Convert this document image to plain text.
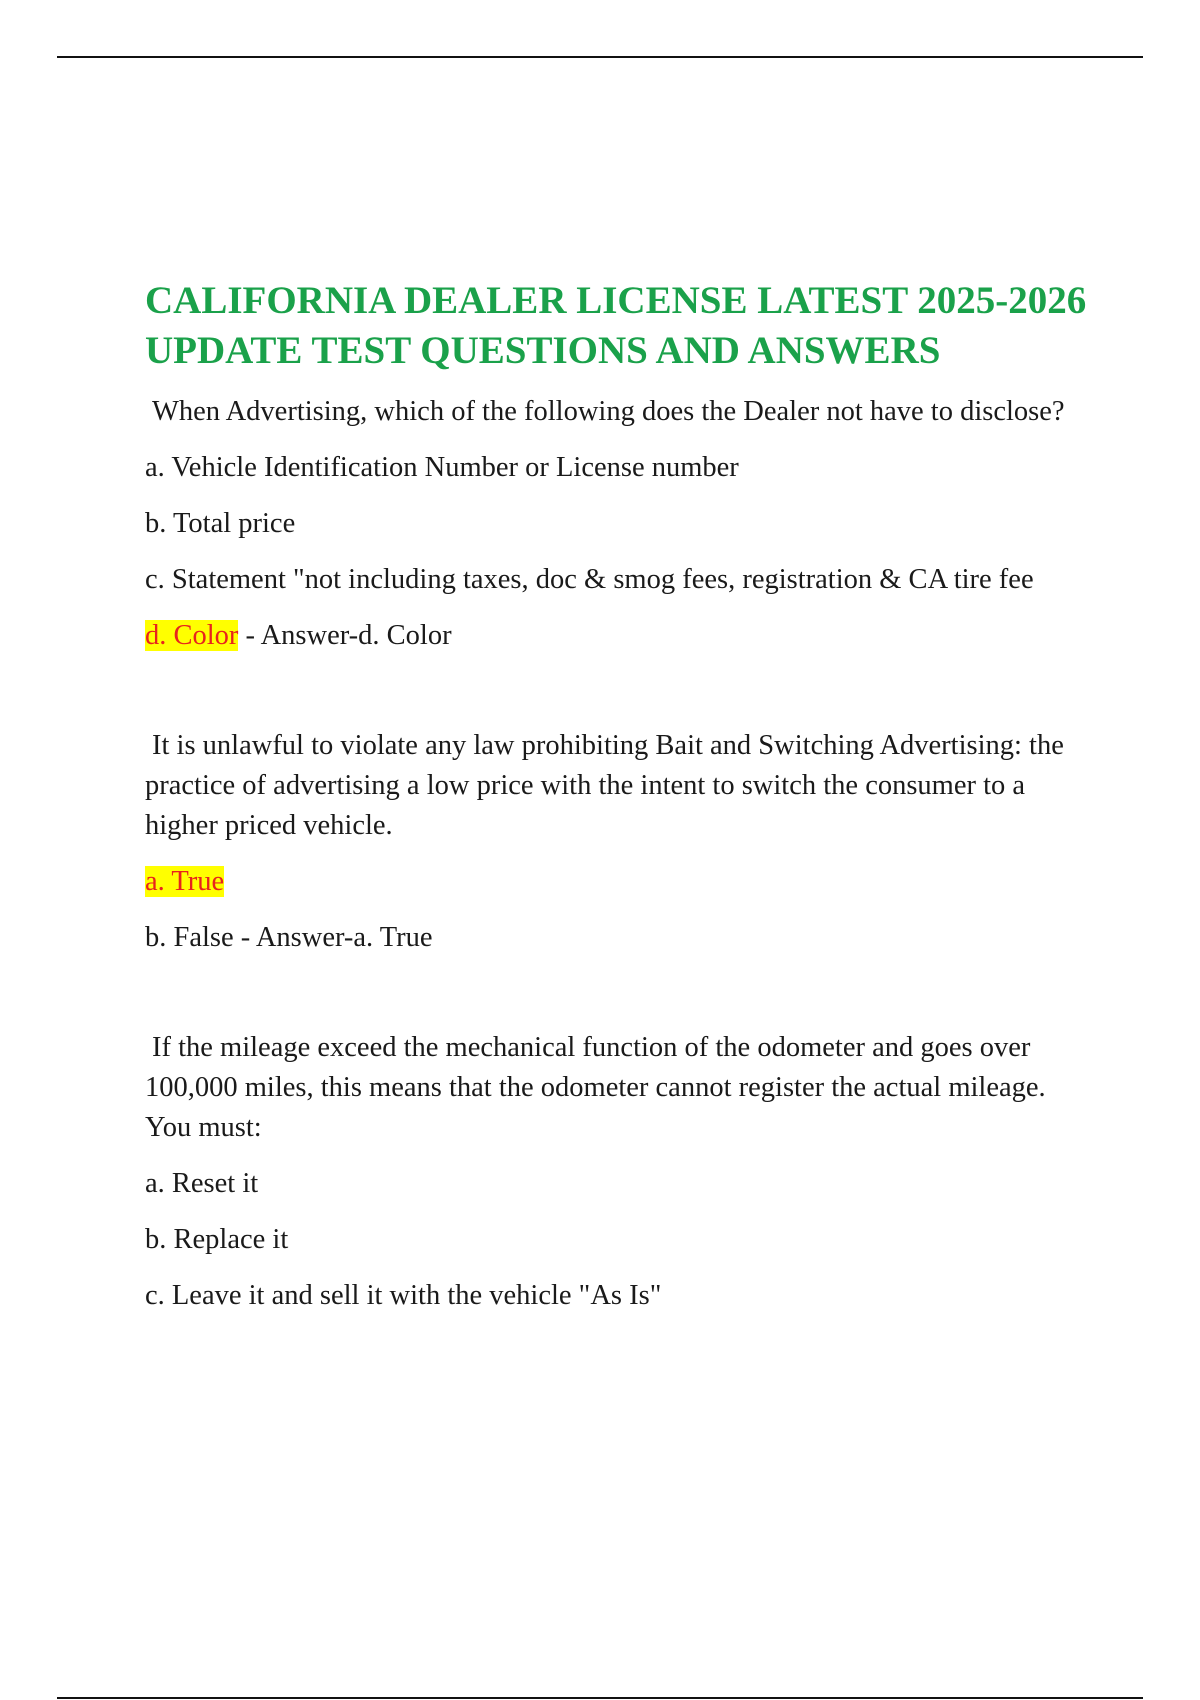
CALIFORNIA DEALER LICENSE LATEST 2025-2026 UPDATE TEST QUESTIONS AND ANSWERS

When Advertising, which of the following does the Dealer not have to disclose?

a. Vehicle Identification Number or License number

b. Total price

c. Statement "not including taxes, doc & smog fees, registration & CA tire fee

d. Color - Answer-d. Color

It is unlawful to violate any law prohibiting Bait and Switching Advertising: the practice of advertising a low price with the intent to switch the consumer to a higher priced vehicle.

a. True

b. False - Answer-a. True

If the mileage exceed the mechanical function of the odometer and goes over 100,000 miles, this means that the odometer cannot register the actual mileage. You must:

a. Reset it

b. Replace it

c. Leave it and sell it with the vehicle "As Is"
